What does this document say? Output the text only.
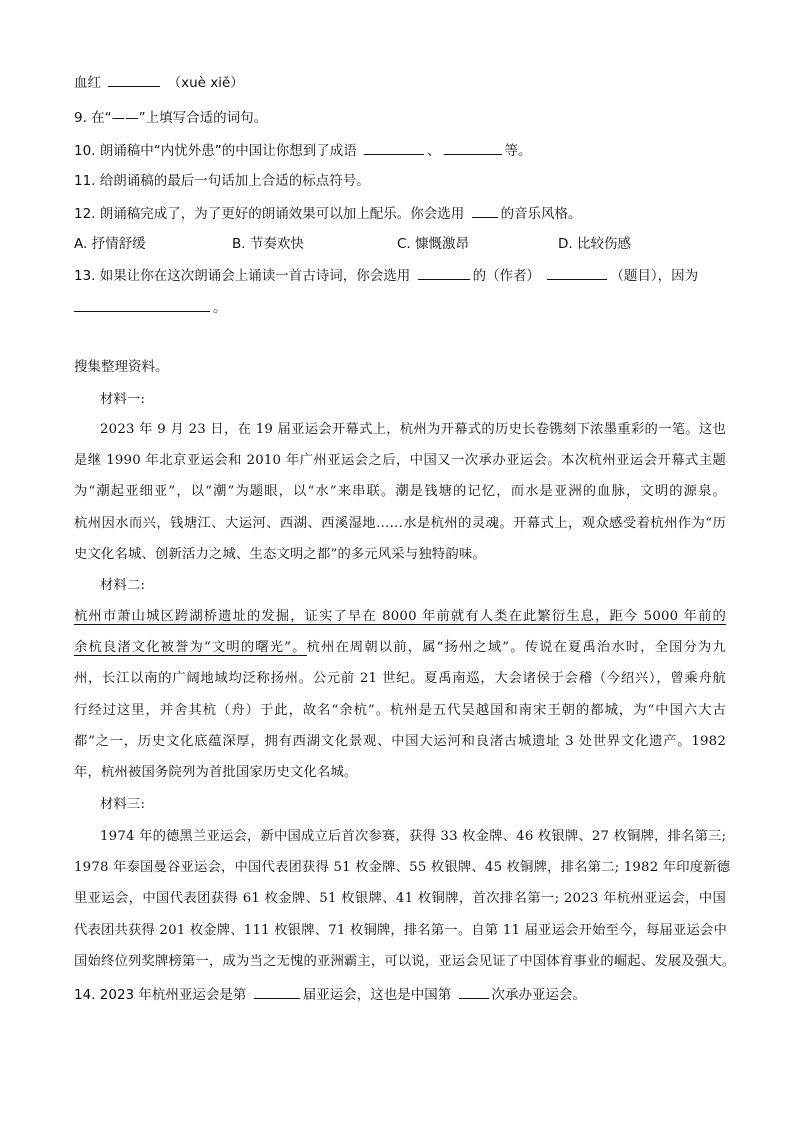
血红	（xuè xiě）
9. 在“——”上填写合适的词句。
10. 朗诵稿中“内忧外患”的中国让你想到了成语	、	等。
11. 给朗诵稿的最后一句话加上合适的标点符号。
12. 朗诵稿完成了，为了更好的朗诵效果可以加上配乐。你会选用	的音乐风格。
A. 抒情舒缓	B. 节奏欢快	C. 慷慨激昂	D. 比较伤感
13. 如果让你在这次朗诵会上诵读一首古诗词，你会选用	的（作者）	（题目），因为
。
搜集整理资料。
材料一:
2023 年 9 月 23 日，在 19 届亚运会开幕式上，杭州为开幕式的历史长卷镌刻下浓墨重彩的一笔。这也
是继 1990 年北京亚运会和 2010 年广州亚运会之后，中国又一次承办亚运会。本次杭州亚运会开幕式主题
为“潮起亚细亚”，以“潮”为题眼，以“水”来串联。潮是钱塘的记忆，而水是亚洲的血脉，文明的源泉。
杭州因水而兴，钱塘江、大运河、西湖、西溪湿地……水是杭州的灵魂。开幕式上，观众感受着杭州作为“历
史文化名城、创新活力之城、生态文明之都”的多元风采与独特韵味。
材料二:
杭州市萧山城区跨湖桥遗址的发掘，证实了早在 8000 年前就有人类在此繁衍生息，距今 5000 年前的
余杭良渚文化被誉为“文明的曙光”。杭州在周朝以前，属“扬州之域”。传说在夏禹治水时，全国分为九
州，长江以南的广阔地域均泛称扬州。公元前 21 世纪。夏禹南巡，大会诸侯于会稽（今绍兴），曾乘舟航
行经过这里，并舍其杭（舟）于此，故名“余杭”。杭州是五代吴越国和南宋王朝的都城，为“中国六大古
都”之一，历史文化底蕴深厚，拥有西湖文化景观、中国大运河和良渚古城遗址 3 处世界文化遗产。1982
年，杭州被国务院列为首批国家历史文化名城。
材料三:
1974 年的德黑兰亚运会，新中国成立后首次参赛，获得 33 枚金牌、46 枚银牌、27 枚铜牌，排名第三;
1978 年泰国曼谷亚运会，中国代表团获得 51 枚金牌、55 枚银牌、45 枚铜牌，排名第二; 1982 年印度新德
里亚运会，中国代表团获得 61 枚金牌、51 枚银牌、41 枚铜牌，首次排名第一; 2023 年杭州亚运会，中国
代表团共获得 201 枚金牌、111 枚银牌、71 枚铜牌，排名第一。自第 11 届亚运会开始至今，每届亚运会中
国始终位列奖牌榜第一，成为当之无愧的亚洲霸主，可以说，亚运会见证了中国体育事业的崛起、发展及强大。
14. 2023 年杭州亚运会是第	届亚运会，这也是中国第	次承办亚运会。
